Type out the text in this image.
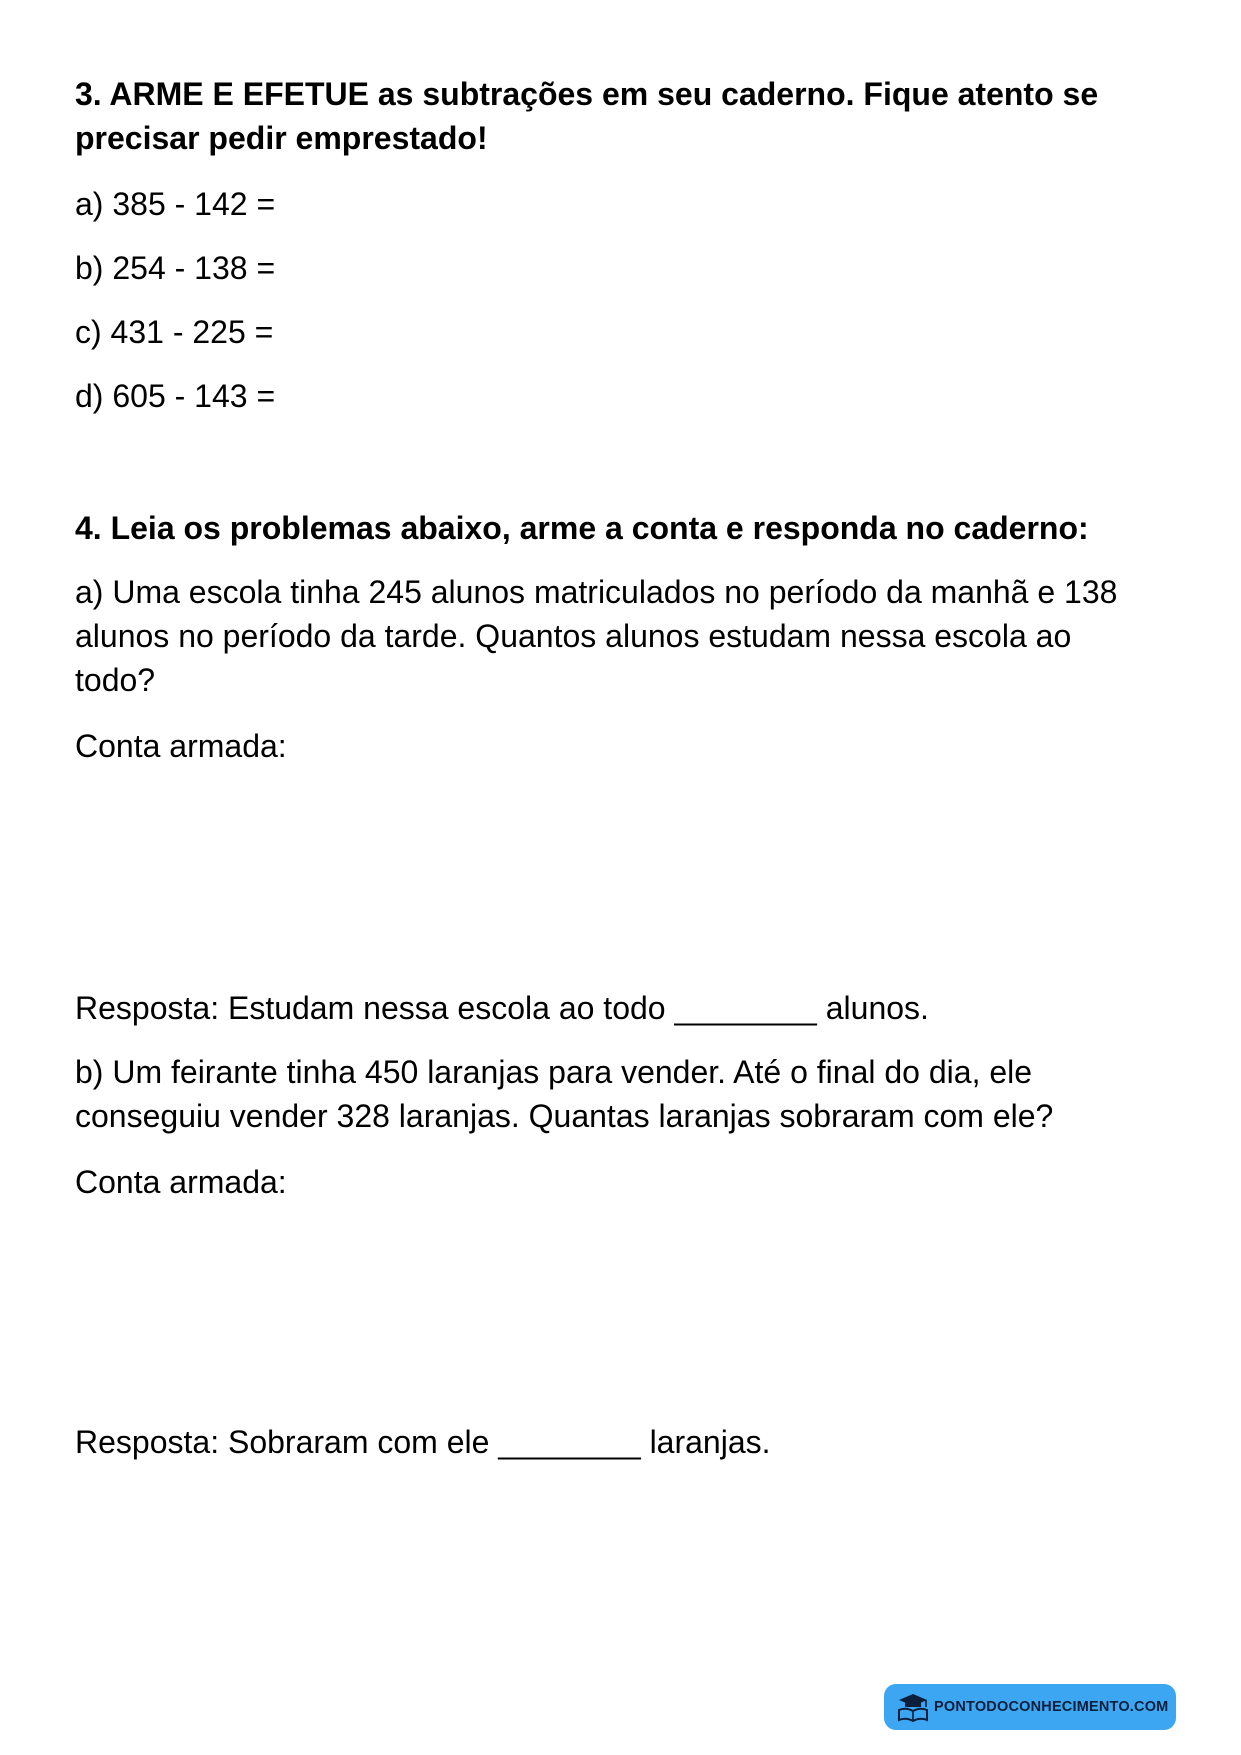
3. ARME E EFETUE as subtrações em seu caderno. Fique atento se
precisar pedir emprestado!
a) 385 - 142 =
b) 254 - 138 =
c) 431 - 225 =
d) 605 - 143 =
4. Leia os problemas abaixo, arme a conta e responda no caderno:
a) Uma escola tinha 245 alunos matriculados no período da manhã e 138
alunos no período da tarde. Quantos alunos estudam nessa escola ao
todo?
Conta armada:
Resposta: Estudam nessa escola ao todo ________ alunos.
b) Um feirante tinha 450 laranjas para vender. Até o final do dia, ele
conseguiu vender 328 laranjas. Quantas laranjas sobraram com ele?
Conta armada:
Resposta: Sobraram com ele ________ laranjas.
PONTODOCONHECIMENTO.COM
